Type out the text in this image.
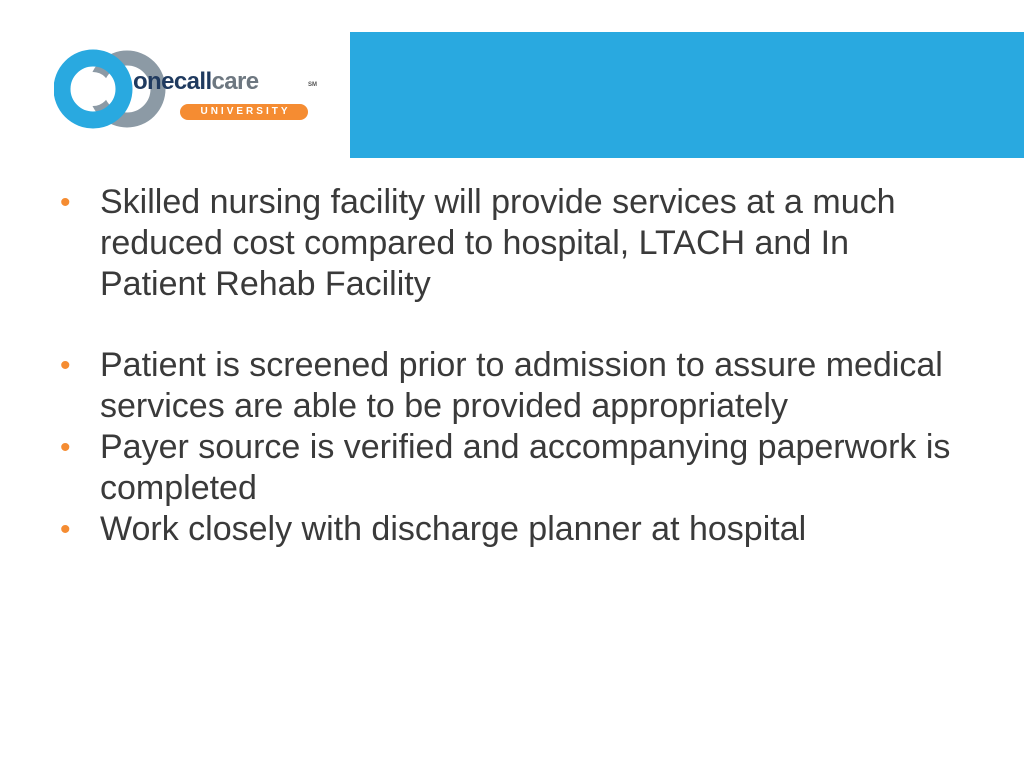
onecallcare	SM
UNIVERSITY
• Skilled nursing facility will provide services at a much reduced cost compared to hospital, LTACH and In Patient Rehab Facility
• Patient is screened prior to admission to assure medical services are able to be provided appropriately
• Payer source is verified and accompanying paperwork is completed
• Work closely with discharge planner at hospital
